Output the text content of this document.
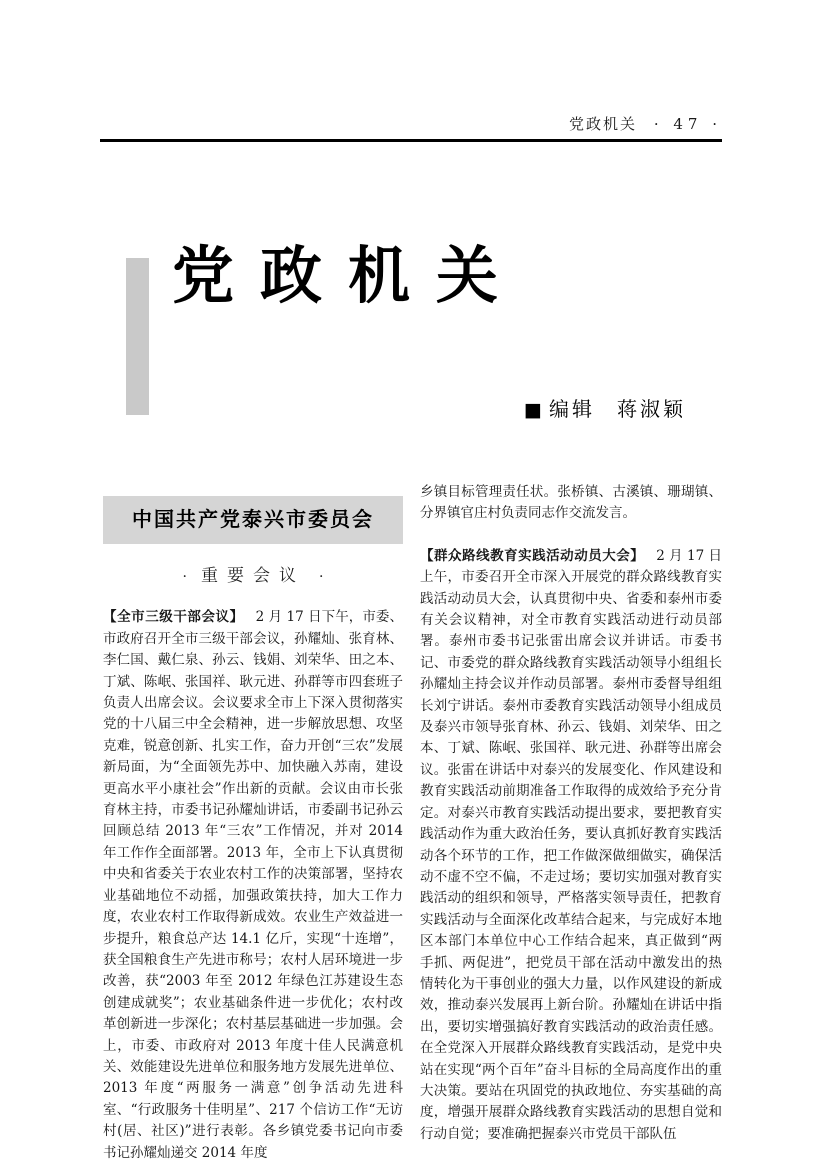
党政机关 · 47 ·
党政机关
■ 编辑 蒋淑颖
中国共产党泰兴市委员会
· 重要会议 ·

【全市三级干部会议】 2 月 17 日下午，市委、市政府召开全市三级干部会议，孙耀灿、张育林、李仁国、戴仁泉、孙云、钱娟、刘荣华、田之本、丁斌、陈岷、张国祥、耿元进、孙群等市四套班子负责人出席会议。会议要求全市上下深入贯彻落实党的十八届三中全会精神，进一步解放思想、攻坚克难，锐意创新、扎实工作，奋力开创“三农”发展新局面，为“全面领先苏中、加快融入苏南，建设更高水平小康社会”作出新的贡献。会议由市长张育林主持，市委书记孙耀灿讲话，市委副书记孙云回顾总结 2013 年“三农”工作情况，并对 2014 年工作作全面部署。2013 年，全市上下认真贯彻中央和省委关于农业农村工作的决策部署，坚持农业基础地位不动摇，加强政策扶持，加大工作力度，农业农村工作取得新成效。农业生产效益进一步提升，粮食总产达 14.1 亿斤，实现“十连增”，获全国粮食生产先进市称号；农村人居环境进一步改善，获“2003 年至 2012 年绿色江苏建设生态创建成就奖”；农业基础条件进一步优化；农村改革创新进一步深化；农村基层基础进一步加强。会上，市委、市政府对 2013 年度十佳人民满意机关、效能建设先进单位和服务地方发展先进单位、2013 年度“两服务一满意”创争活动先进科室、“行政服务十佳明星”、217 个信访工作“无访村(居、社区)”进行表彰。各乡镇党委书记向市委书记孙耀灿递交 2014 年度

乡镇目标管理责任状。张桥镇、古溪镇、珊瑚镇、分界镇官庄村负责同志作交流发言。

【群众路线教育实践活动动员大会】 2 月 17 日上午，市委召开全市深入开展党的群众路线教育实践活动动员大会，认真贯彻中央、省委和泰州市委有关会议精神，对全市教育实践活动进行动员部署。泰州市委书记张雷出席会议并讲话。市委书记、市委党的群众路线教育实践活动领导小组组长孙耀灿主持会议并作动员部署。泰州市委督导组组长刘宁讲话。泰州市委教育实践活动领导小组成员及泰兴市领导张育林、孙云、钱娟、刘荣华、田之本、丁斌、陈岷、张国祥、耿元进、孙群等出席会议。张雷在讲话中对泰兴的发展变化、作风建设和教育实践活动前期准备工作取得的成效给予充分肯定。对泰兴市教育实践活动提出要求，要把教育实践活动作为重大政治任务，要认真抓好教育实践活动各个环节的工作，把工作做深做细做实，确保活动不虚不空不偏，不走过场；要切实加强对教育实践活动的组织和领导，严格落实领导责任，把教育实践活动与全面深化改革结合起来，与完成好本地区本部门本单位中心工作结合起来，真正做到“两手抓、两促进”，把党员干部在活动中激发出的热情转化为干事创业的强大力量，以作风建设的新成效，推动泰兴发展再上新台阶。孙耀灿在讲话中指出，要切实增强搞好教育实践活动的政治责任感。在全党深入开展群众路线教育实践活动，是党中央站在实现“两个百年”奋斗目标的全局高度作出的重大决策。要站在巩固党的执政地位、夯实基础的高度，增强开展群众路线教育实践活动的思想自觉和行动自觉；要准确把握泰兴市党员干部队伍
